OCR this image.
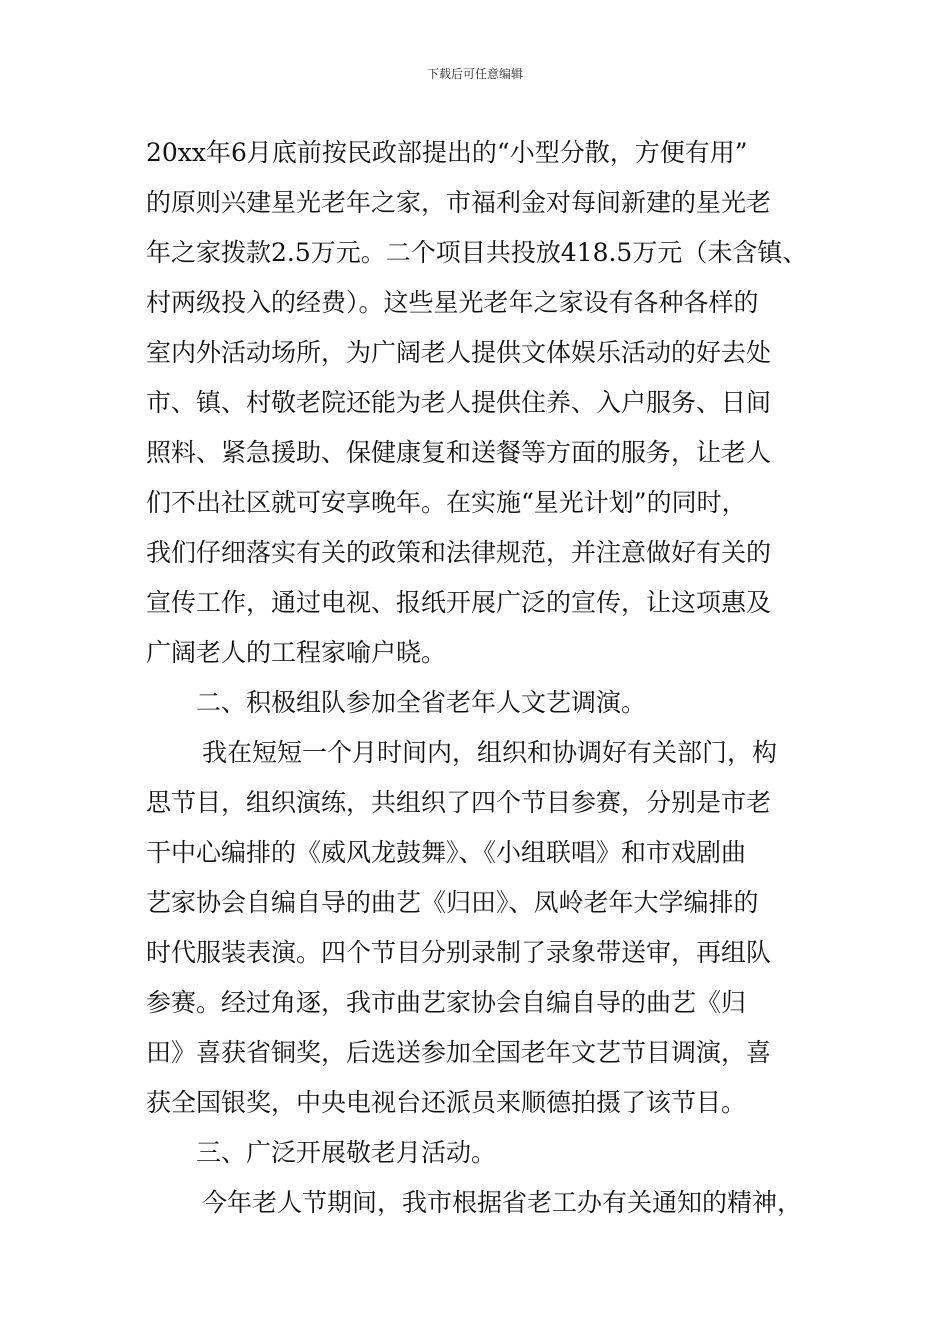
下载后可任意编辑
20xx年6月底前按民政部提出的“小型分散，方便有用”
的原则兴建星光老年之家，市福利金对每间新建的星光老
年之家拨款2.5万元。二个项目共投放418.5万元（未含镇、
村两级投入的经费）。这些星光老年之家设有各种各样的
室内外活动场所，为广阔老人提供文体娱乐活动的好去处
市、镇、村敬老院还能为老人提供住养、入户服务、日间
照料、紧急援助、保健康复和送餐等方面的服务，让老人
们不出社区就可安享晚年。在实施“星光计划”的同时，
我们仔细落实有关的政策和法律规范，并注意做好有关的
宣传工作，通过电视、报纸开展广泛的宣传，让这项惠及
广阔老人的工程家喻户晓。
二、积极组队参加全省老年人文艺调演。
我在短短一个月时间内，组织和协调好有关部门，构
思节目，组织演练，共组织了四个节目参赛，分别是市老
干中心编排的《威风龙鼓舞》、《小组联唱》和市戏剧曲
艺家协会自编自导的曲艺《归田》、凤岭老年大学编排的
时代服装表演。四个节目分别录制了录象带送审，再组队
参赛。经过角逐，我市曲艺家协会自编自导的曲艺《归
田》喜获省铜奖，后选送参加全国老年文艺节目调演，喜
获全国银奖，中央电视台还派员来顺德拍摄了该节目。
三、广泛开展敬老月活动。
今年老人节期间，我市根据省老工办有关通知的精神，
